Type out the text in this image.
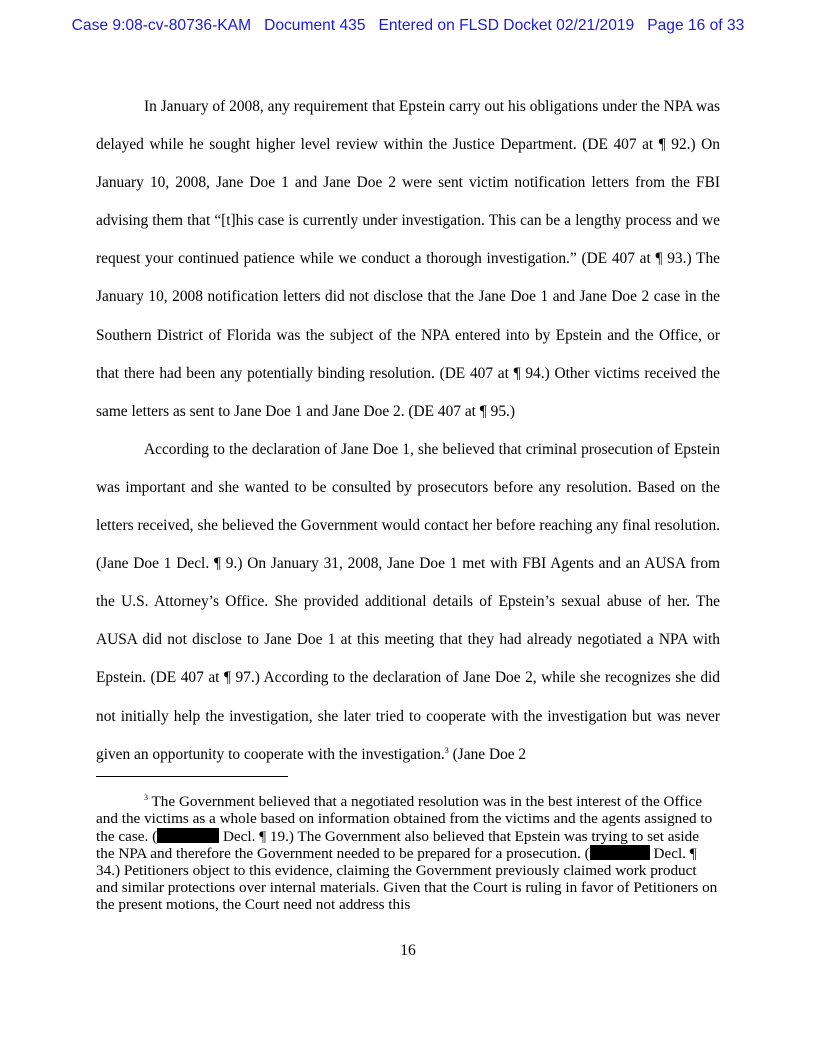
Case 9:08-cv-80736-KAM   Document 435   Entered on FLSD Docket 02/21/2019   Page 16 of 33

In January of 2008, any requirement that Epstein carry out his obligations under the NPA was delayed while he sought higher level review within the Justice Department. (DE 407 at ¶ 92.) On January 10, 2008, Jane Doe 1 and Jane Doe 2 were sent victim notification letters from the FBI advising them that “[t]his case is currently under investigation. This can be a lengthy process and we request your continued patience while we conduct a thorough investigation.” (DE 407 at ¶ 93.) The January 10, 2008 notification letters did not disclose that the Jane Doe 1 and Jane Doe 2 case in the Southern District of Florida was the subject of the NPA entered into by Epstein and the Office, or that there had been any potentially binding resolution. (DE 407 at ¶ 94.) Other victims received the same letters as sent to Jane Doe 1 and Jane Doe 2. (DE 407 at ¶ 95.)

According to the declaration of Jane Doe 1, she believed that criminal prosecution of Epstein was important and she wanted to be consulted by prosecutors before any resolution. Based on the letters received, she believed the Government would contact her before reaching any final resolution. (Jane Doe 1 Decl. ¶ 9.) On January 31, 2008, Jane Doe 1 met with FBI Agents and an AUSA from the U.S. Attorney’s Office. She provided additional details of Epstein’s sexual abuse of her. The AUSA did not disclose to Jane Doe 1 at this meeting that they had already negotiated a NPA with Epstein. (DE 407 at ¶ 97.) According to the declaration of Jane Doe 2, while she recognizes she did not initially help the investigation, she later tried to cooperate with the investigation but was never given an opportunity to cooperate with the investigation.$^3$ (Jane Doe 2

$^3$ The Government believed that a negotiated resolution was in the best interest of the Office and the victims as a whole based on information obtained from the victims and the agents assigned to the case. (	Decl. ¶ 19.) The Government also believed that Epstein was trying to set aside the NPA and therefore the Government needed to be prepared for a prosecution. (	Decl. ¶ 34.) Petitioners object to this evidence, claiming the Government previously claimed work product and similar protections over internal materials. Given that the Court is ruling in favor of Petitioners on the present motions, the Court need not address this

16
